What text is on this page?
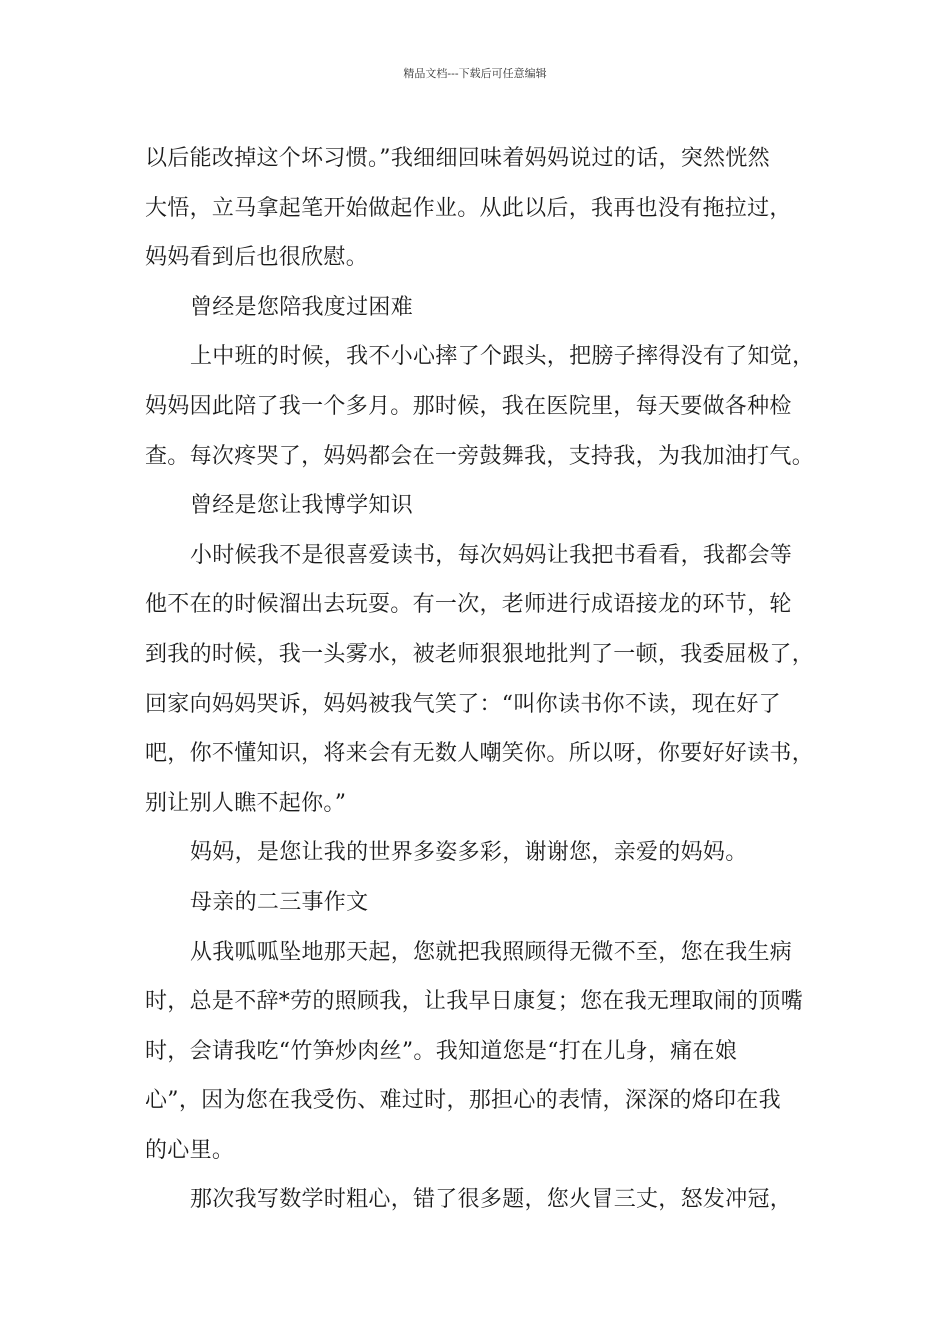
精品文档---下载后可任意编辑
以后能改掉这个坏习惯。”我细细回味着妈妈说过的话，突然恍然
大悟，立马拿起笔开始做起作业。从此以后，我再也没有拖拉过，
妈妈看到后也很欣慰。
曾经是您陪我度过困难
上中班的时候，我不小心摔了个跟头，把膀子摔得没有了知觉，
妈妈因此陪了我一个多月。那时候，我在医院里，每天要做各种检
查。每次疼哭了，妈妈都会在一旁鼓舞我，支持我，为我加油打气。
曾经是您让我博学知识
小时候我不是很喜爱读书，每次妈妈让我把书看看，我都会等
他不在的时候溜出去玩耍。有一次，老师进行成语接龙的环节，轮
到我的时候，我一头雾水，被老师狠狠地批判了一顿，我委屈极了，
回家向妈妈哭诉，妈妈被我气笑了：“叫你读书你不读，现在好了
吧，你不懂知识，将来会有无数人嘲笑你。所以呀，你要好好读书，
别让别人瞧不起你。”
妈妈，是您让我的世界多姿多彩，谢谢您，亲爱的妈妈。
母亲的二三事作文
从我呱呱坠地那天起，您就把我照顾得无微不至，您在我生病
时，总是不辞*劳的照顾我，让我早日康复；您在我无理取闹的顶嘴
时，会请我吃“竹笋炒肉丝”。我知道您是“打在儿身，痛在娘
心”，因为您在我受伤、难过时，那担心的表情，深深的烙印在我
的心里。
那次我写数学时粗心，错了很多题，您火冒三丈，怒发冲冠，
